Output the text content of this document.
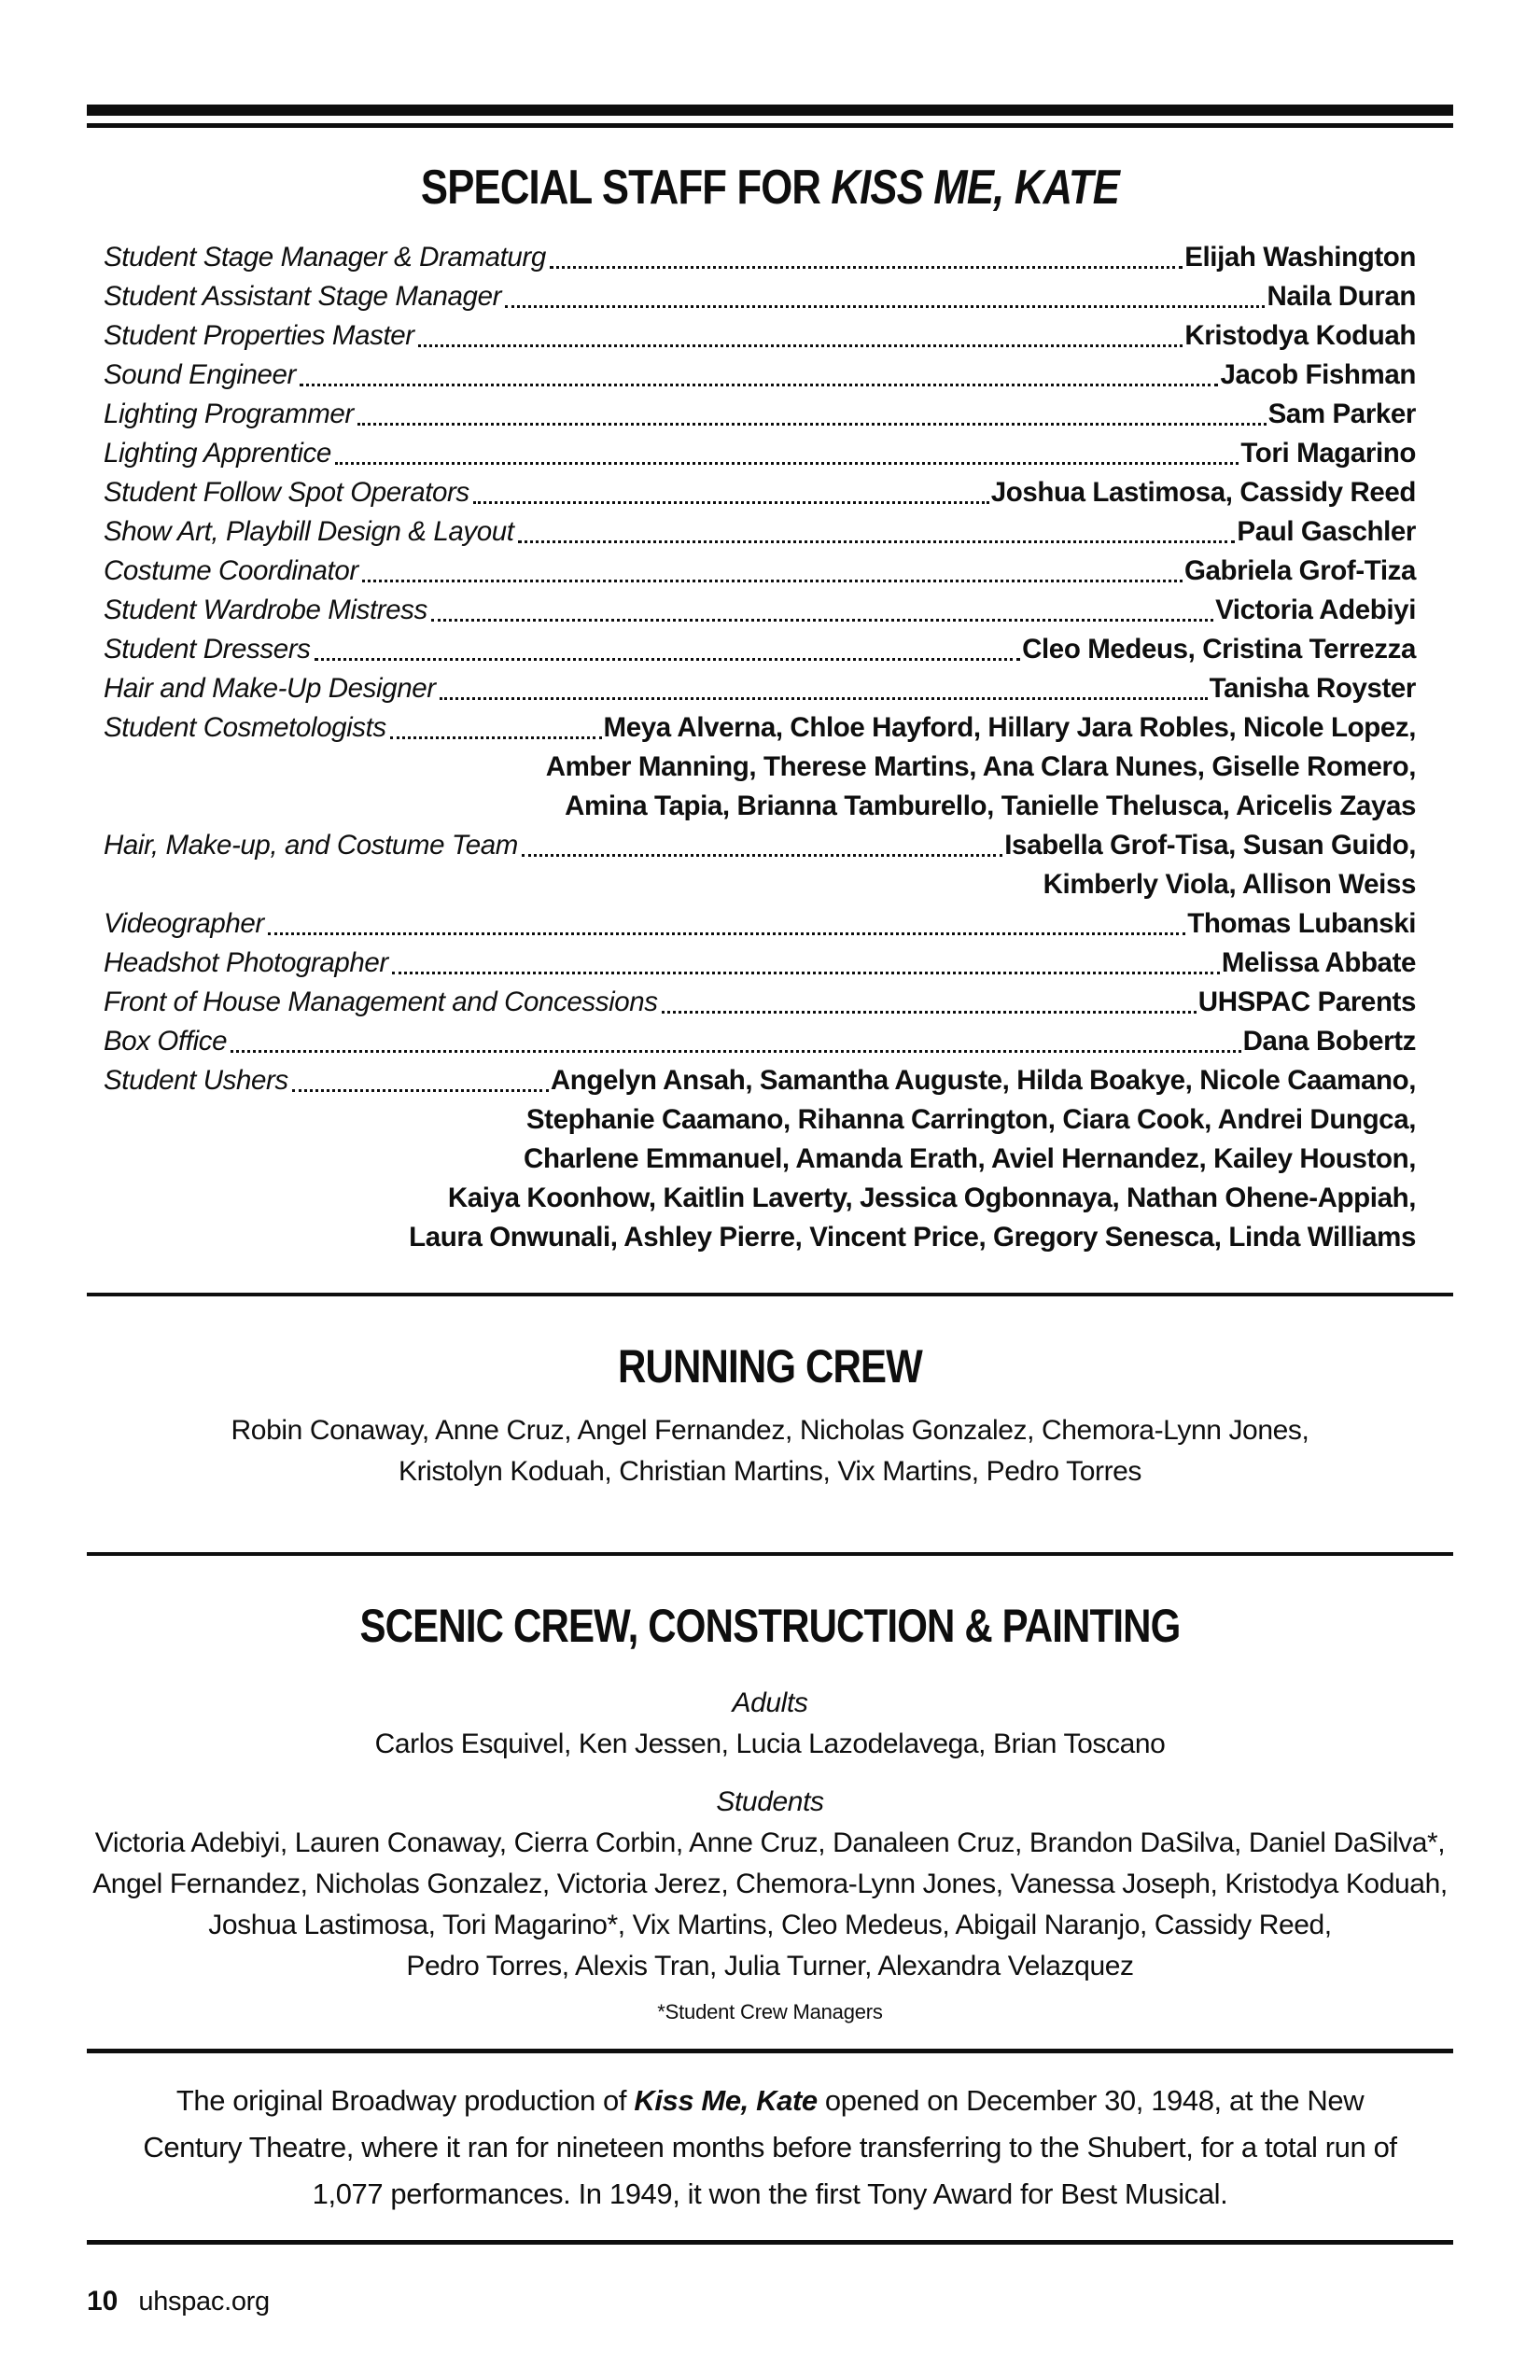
SPECIAL STAFF FOR KISS ME, KATE
Student Stage Manager & Dramaturg	Elijah Washington
Student Assistant Stage Manager	Naila Duran
Student Properties Master	Kristodya Koduah
Sound Engineer	Jacob Fishman
Lighting Programmer	Sam Parker
Lighting Apprentice	Tori Magarino
Student Follow Spot Operators	Joshua Lastimosa, Cassidy Reed
Show Art, Playbill Design & Layout	Paul Gaschler
Costume Coordinator	Gabriela Grof-Tiza
Student Wardrobe Mistress	Victoria Adebiyi
Student Dressers	Cleo Medeus, Cristina Terrezza
Hair and Make-Up Designer	Tanisha Royster
Student Cosmetologists	Meya Alverna, Chloe Hayford, Hillary Jara Robles, Nicole Lopez,
Amber Manning, Therese Martins, Ana Clara Nunes, Giselle Romero,
Amina Tapia, Brianna Tamburello, Tanielle Thelusca, Aricelis Zayas
Hair, Make-up, and Costume Team	Isabella Grof-Tisa, Susan Guido,
Kimberly Viola, Allison Weiss
Videographer	Thomas Lubanski
Headshot Photographer	Melissa Abbate
Front of House Management and Concessions	UHSPAC Parents
Box Office	Dana Bobertz
Student Ushers	Angelyn Ansah, Samantha Auguste, Hilda Boakye, Nicole Caamano,
Stephanie Caamano, Rihanna Carrington, Ciara Cook, Andrei Dungca,
Charlene Emmanuel, Amanda Erath, Aviel Hernandez, Kailey Houston,
Kaiya Koonhow, Kaitlin Laverty, Jessica Ogbonnaya, Nathan Ohene-Appiah,
Laura Onwunali, Ashley Pierre, Vincent Price, Gregory Senesca, Linda Williams
RUNNING CREW
Robin Conaway, Anne Cruz, Angel Fernandez, Nicholas Gonzalez, Chemora-Lynn Jones,
Kristolyn Koduah, Christian Martins, Vix Martins, Pedro Torres
SCENIC CREW, CONSTRUCTION & PAINTING
Adults
Carlos Esquivel, Ken Jessen, Lucia Lazodelavega, Brian Toscano
Students
Victoria Adebiyi, Lauren Conaway, Cierra Corbin, Anne Cruz, Danaleen Cruz, Brandon DaSilva, Daniel DaSilva*,
Angel Fernandez, Nicholas Gonzalez, Victoria Jerez, Chemora-Lynn Jones, Vanessa Joseph, Kristodya Koduah,
Joshua Lastimosa, Tori Magarino*, Vix Martins, Cleo Medeus, Abigail Naranjo, Cassidy Reed,
Pedro Torres, Alexis Tran, Julia Turner, Alexandra Velazquez
*Student Crew Managers

The original Broadway production of Kiss Me, Kate opened on December 30, 1948, at the New Century Theatre, where it ran for nineteen months before transferring to the Shubert, for a total run of 1,077 performances. In 1949, it won the first Tony Award for Best Musical.

10 uhspac.org
